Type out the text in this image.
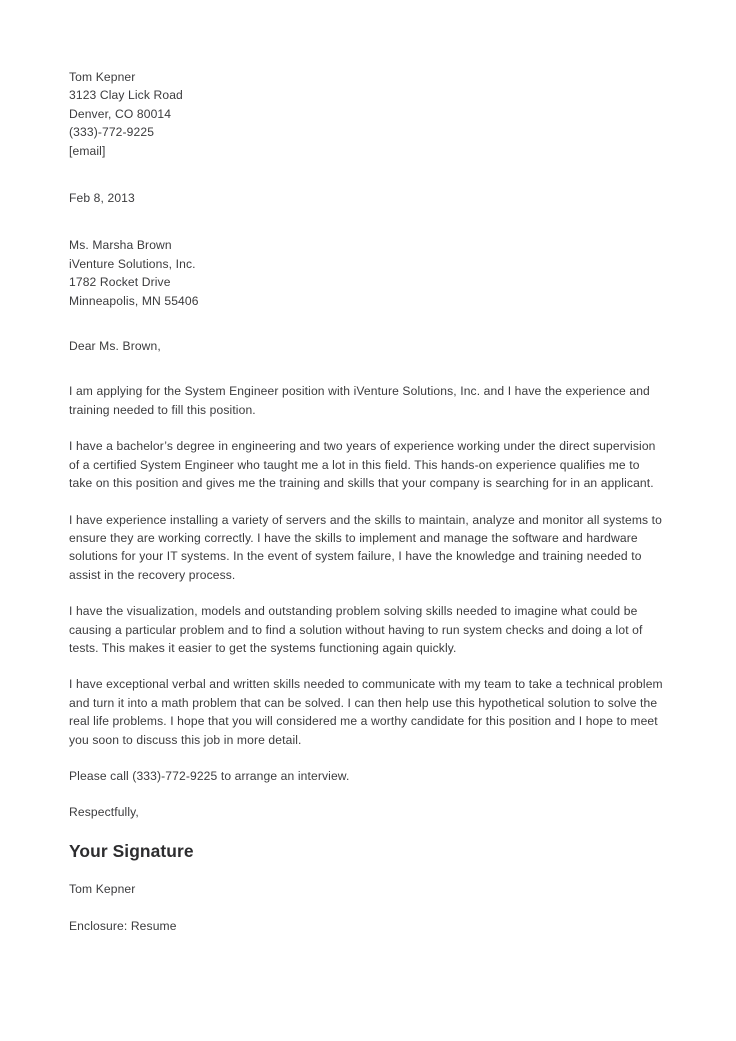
Tom Kepner
3123 Clay Lick Road
Denver, CO 80014
(333)-772-9225
[email]
Feb 8, 2013
Ms. Marsha Brown
iVenture Solutions, Inc.
1782 Rocket Drive
Minneapolis, MN 55406
Dear Ms. Brown,

I am applying for the System Engineer position with iVenture Solutions, Inc. and I have the experience and training needed to fill this position.

I have a bachelor’s degree in engineering and two years of experience working under the direct supervision of a certified System Engineer who taught me a lot in this field. This hands-on experience qualifies me to take on this position and gives me the training and skills that your company is searching for in an applicant.

I have experience installing a variety of servers and the skills to maintain, analyze and monitor all systems to ensure they are working correctly. I have the skills to implement and manage the software and hardware solutions for your IT systems. In the event of system failure, I have the knowledge and training needed to assist in the recovery process.

I have the visualization, models and outstanding problem solving skills needed to imagine what could be causing a particular problem and to find a solution without having to run system checks and doing a lot of tests. This makes it easier to get the systems functioning again quickly.

I have exceptional verbal and written skills needed to communicate with my team to take a technical problem and turn it into a math problem that can be solved. I can then help use this hypothetical solution to solve the real life problems. I hope that you will considered me a worthy candidate for this position and I hope to meet you soon to discuss this job in more detail.

Please call (333)-772-9225 to arrange an interview.
Respectfully,
Your Signature
Tom Kepner
Enclosure: Resume
